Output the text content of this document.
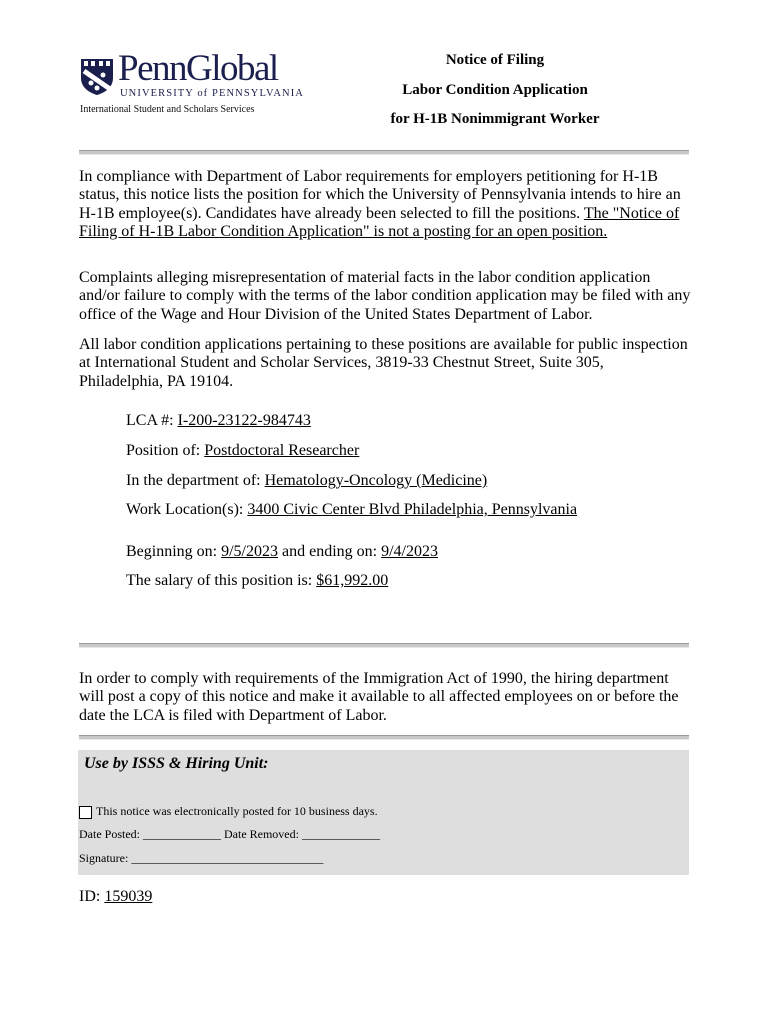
PennGlobal
UNIVERSITY of PENNSYLVANIA
International Student and Scholars Services
Notice of Filing
Labor Condition Application
for H-1B Nonimmigrant Worker
In compliance with Department of Labor requirements for employers petitioning for H-1B status, this notice lists the position for which the University of Pennsylvania intends to hire an H-1B employee(s). Candidates have already been selected to fill the positions. The "Notice of Filing of H-1B Labor Condition Application" is not a posting for an open position.
Complaints alleging misrepresentation of material facts in the labor condition application and/or failure to comply with the terms of the labor condition application may be filed with any office of the Wage and Hour Division of the United States Department of Labor.
All labor condition applications pertaining to these positions are available for public inspection at International Student and Scholar Services, 3819-33 Chestnut Street, Suite 305, Philadelphia, PA 19104.
LCA #: I-200-23122-984743
Position of: Postdoctoral Researcher
In the department of: Hematology-Oncology (Medicine)
Work Location(s): 3400 Civic Center Blvd Philadelphia, Pennsylvania
Beginning on: 9/5/2023 and ending on: 9/4/2023
The salary of this position is: $61,992.00
In order to comply with requirements of the Immigration Act of 1990, the hiring department will post a copy of this notice and make it available to all affected employees on or before the date the LCA is filed with Department of Labor.
Use by ISSS & Hiring Unit:
This notice was electronically posted for 10 business days.
Date Posted: _____________ Date Removed: _____________
Signature: ________________________________
ID: 159039
